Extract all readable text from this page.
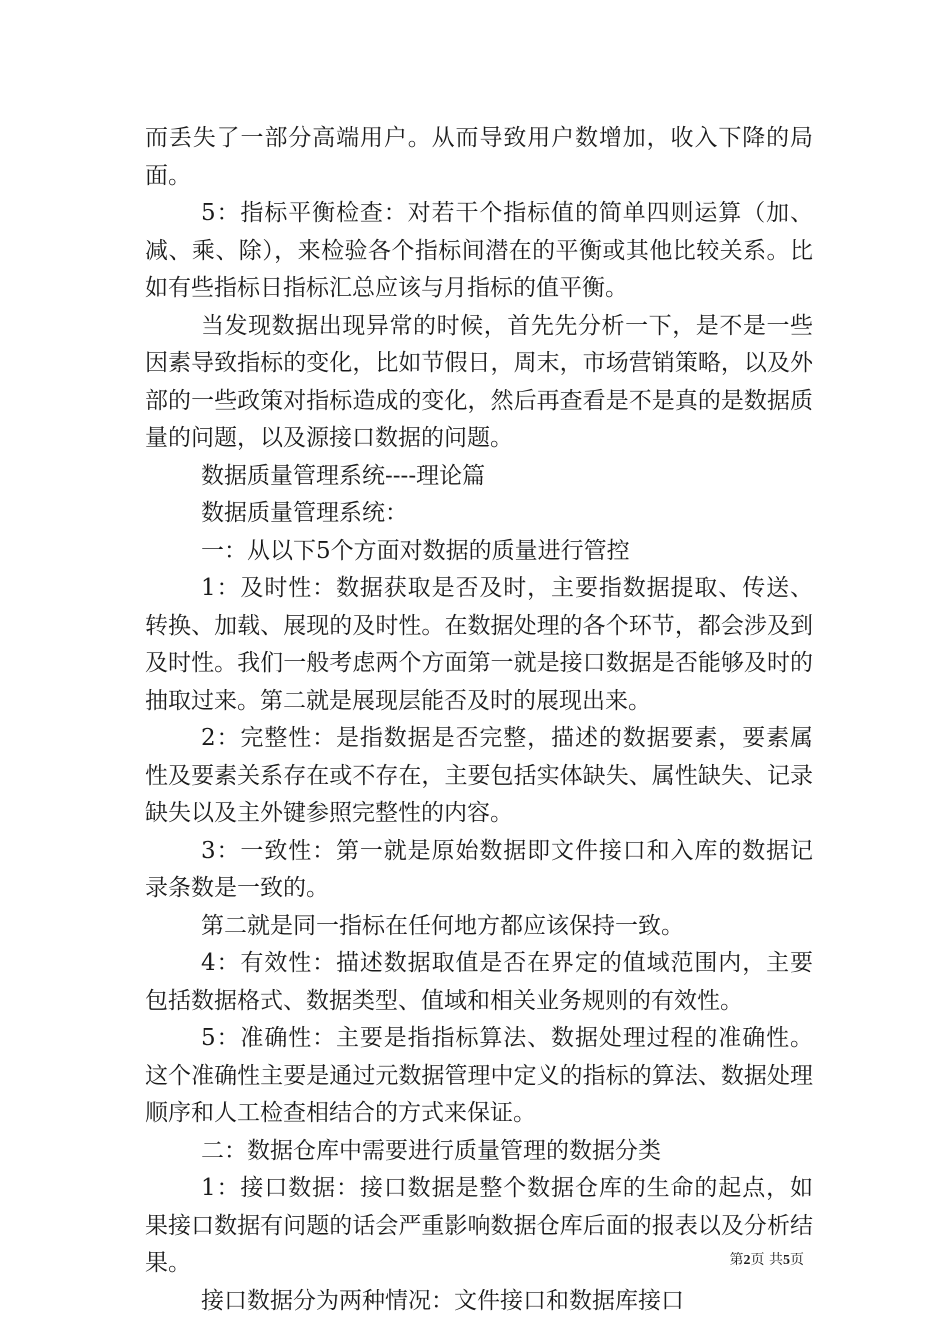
而丢失了一部分高端用户。从而导致用户数增加，收入下降的局面。

5：指标平衡检查：对若干个指标值的简单四则运算（加、减、乘、除），来检验各个指标间潜在的平衡或其他比较关系。比如有些指标日指标汇总应该与月指标的值平衡。

当发现数据出现异常的时候，首先先分析一下，是不是一些因素导致指标的变化，比如节假日，周末，市场营销策略，以及外部的一些政策对指标造成的变化，然后再查看是不是真的是数据质量的问题，以及源接口数据的问题。

数据质量管理系统----理论篇

数据质量管理系统：

一：从以下5个方面对数据的质量进行管控

1：及时性：数据获取是否及时，主要指数据提取、传送、转换、加载、展现的及时性。在数据处理的各个环节，都会涉及到及时性。我们一般考虑两个方面第一就是接口数据是否能够及时的抽取过来。第二就是展现层能否及时的展现出来。

2：完整性：是指数据是否完整，描述的数据要素，要素属性及要素关系存在或不存在，主要包括实体缺失、属性缺失、记录缺失以及主外键参照完整性的内容。

3：一致性：第一就是原始数据即文件接口和入库的数据记录条数是一致的。

第二就是同一指标在任何地方都应该保持一致。

4：有效性：描述数据取值是否在界定的值域范围内，主要包括数据格式、数据类型、值域和相关业务规则的有效性。

5：准确性：主要是指指标算法、数据处理过程的准确性。这个准确性主要是通过元数据管理中定义的指标的算法、数据处理顺序和人工检查相结合的方式来保证。

二：数据仓库中需要进行质量管理的数据分类

1：接口数据：接口数据是整个数据仓库的生命的起点，如果接口数据有问题的话会严重影响数据仓库后面的报表以及分析结果。

接口数据分为两种情况：文件接口和数据库接口

第2页 共5页
